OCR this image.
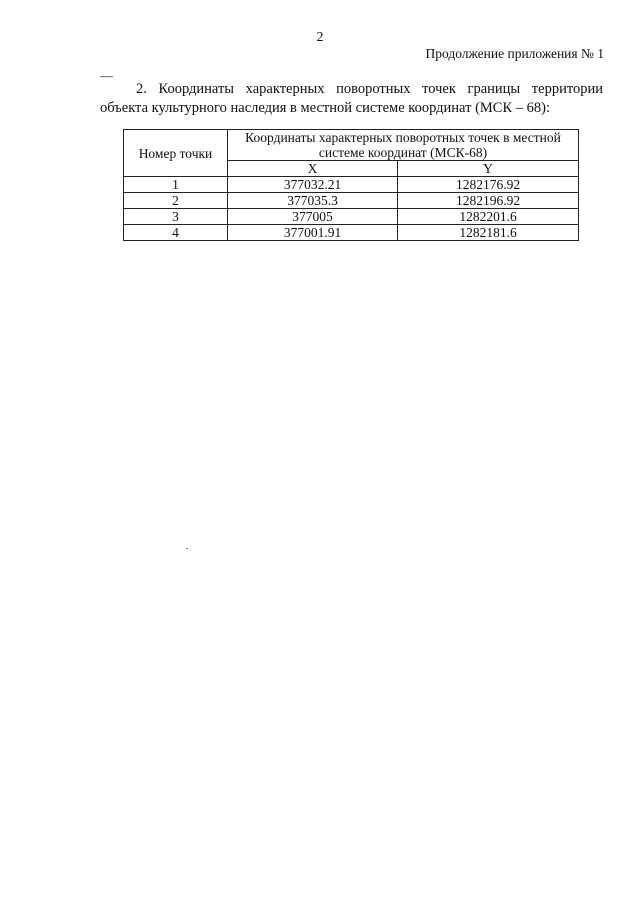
2
Продолжение приложения № 1
—
2. Координаты характерных поворотных точек границы территории
объекта культурного наследия в местной системе координат (МСК – 68):
Номер точки	Координаты характерных поворотных точек в местной системе координат (МСК-68)	
	X	Y
1	377032.21	1282176.92
2	377035.3	1282196.92
3	377005	1282201.6
4	377001.91	1282181.6
